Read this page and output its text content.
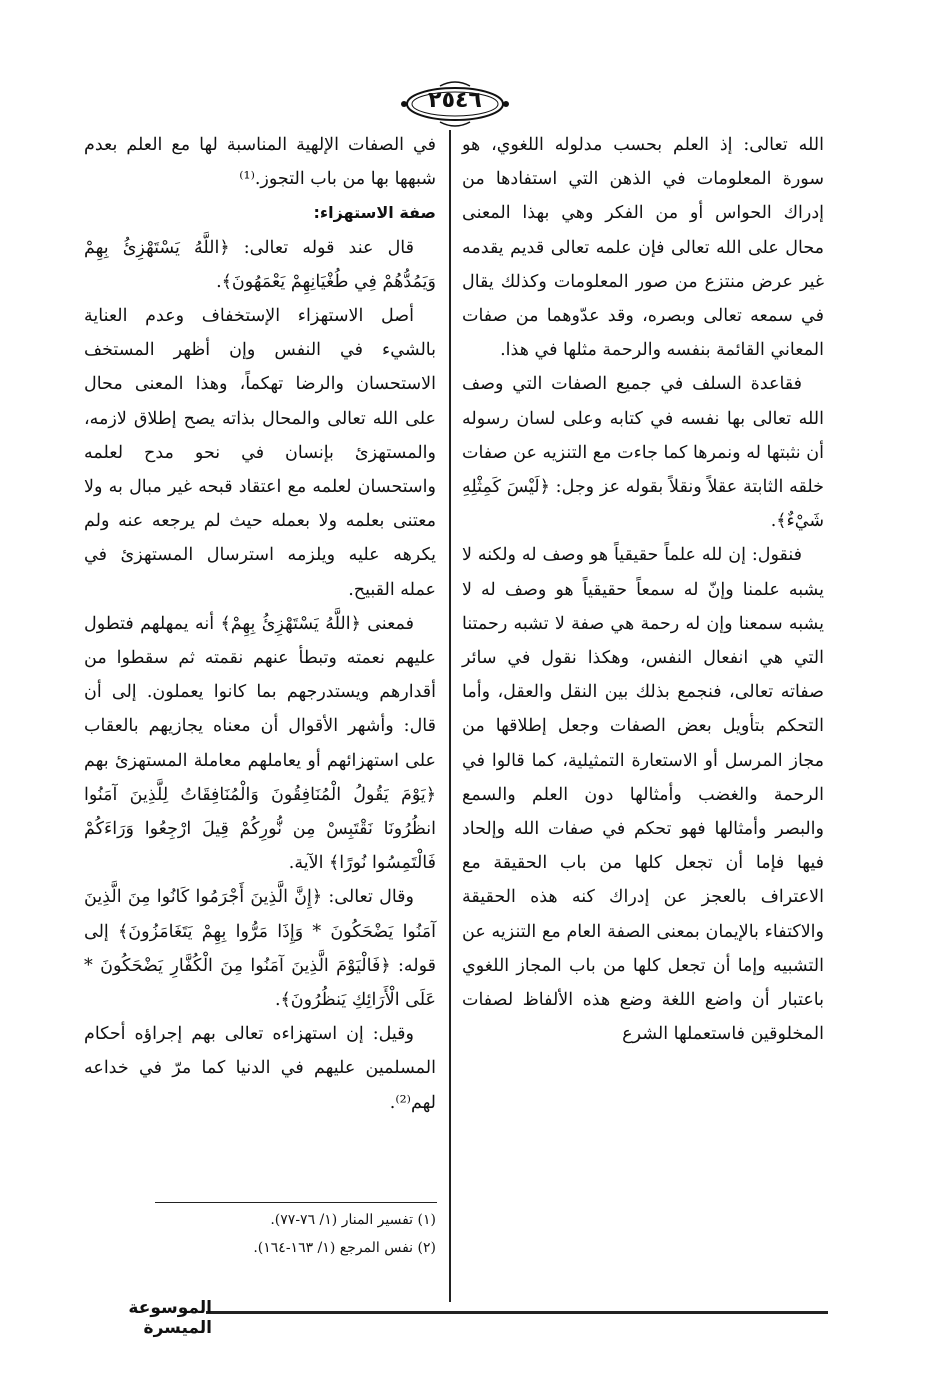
٢٥٤٦

الله تعالى: إذ العلم بحسب مدلوله اللغوي، هو سورة المعلومات في الذهن التي استفادها من إدراك الحواس أو من الفكر وهي بهذا المعنى محال على الله تعالى فإن علمه تعالى قديم يقدمه غير عرض منتزع من صور المعلومات وكذلك يقال في سمعه تعالى وبصره، وقد عدّوهما من صفات المعاني القائمة بنفسه والرحمة مثلها في هذا.

فقاعدة السلف في جميع الصفات التي وصف الله تعالى بها نفسه في كتابه وعلى لسان رسوله أن نثبتها له ونمرها كما جاءت مع التنزيه عن صفات خلقه الثابتة عقلاً ونقلاً بقوله عز وجل: ﴿لَيْسَ كَمِثْلِهِ شَيْءٌ﴾.

فنقول: إن لله علماً حقيقياً هو وصف له ولكنه لا يشبه علمنا وإنّ له سمعاً حقيقياً هو وصف له لا يشبه سمعنا وإن له رحمة هي صفة لا تشبه رحمتنا التي هي انفعال النفس، وهكذا نقول في سائر صفاته تعالى، فنجمع بذلك بين النقل والعقل، وأما التحكم بتأويل بعض الصفات وجعل إطلاقها من مجاز المرسل أو الاستعارة التمثيلية، كما قالوا في الرحمة والغضب وأمثالها دون العلم والسمع والبصر وأمثالها فهو تحكم في صفات الله وإلحاد فيها فإما أن تجعل كلها من باب الحقيقة مع الاعتراف بالعجز عن إدراك كنه هذه الحقيقة والاكتفاء بالإيمان بمعنى الصفة العام مع التنزيه عن التشبيه وإما أن تجعل كلها من باب المجاز اللغوي باعتبار أن واضع اللغة وضع هذه الألفاظ لصفات المخلوقين فاستعملها الشرع

في الصفات الإلهية المناسبة لها مع العلم بعدم شبهها بها من باب التجوز.⁽¹⁾

صفة الاستهزاء:

قال عند قوله تعالى: ﴿اللَّهُ يَسْتَهْزِئُ بِهِمْ وَيَمُدُّهُمْ فِي طُغْيَانِهِمْ يَعْمَهُونَ﴾.

أصل الاستهزاء الإستخفاف وعدم العناية بالشيء في النفس وإن أظهر المستخف الاستحسان والرضا تهكماً، وهذا المعنى محال على الله تعالى والمحال بذاته يصح إطلاق لازمه، والمستهزئ بإنسان في نحو مدح لعلمه واستحسان لعلمه مع اعتقاد قبحه غير مبال به ولا معتنى بعلمه ولا بعمله حيث لم يرجعه عنه ولم يكرهه عليه ويلزمه استرسال المستهزئ في عمله القبيح.

فمعنى ﴿اللَّهُ يَسْتَهْزِئُ بِهِمْ﴾ أنه يمهلهم فتطول عليهم نعمته وتبطأ عنهم نقمته ثم سقطوا من أقدارهم ويستدرجهم بما كانوا يعملون. إلى أن قال: وأشهر الأقوال أن معناه يجازيهم بالعقاب على استهزائهم أو يعاملهم معاملة المستهزئ بهم ﴿يَوْمَ يَقُولُ الْمُنَافِقُونَ وَالْمُنَافِقَاتُ لِلَّذِينَ آمَنُوا انظُرُونَا نَقْتَبِسْ مِن نُّورِكُمْ قِيلَ ارْجِعُوا وَرَاءَكُمْ فَالْتَمِسُوا نُورًا﴾ الآية.

وقال تعالى: ﴿إِنَّ الَّذِينَ أَجْرَمُوا كَانُوا مِنَ الَّذِينَ آمَنُوا يَضْحَكُونَ * وَإِذَا مَرُّوا بِهِمْ يَتَغَامَزُونَ﴾ إلى قوله: ﴿فَالْيَوْمَ الَّذِينَ آمَنُوا مِنَ الْكُفَّارِ يَضْحَكُونَ * عَلَى الْأَرَائِكِ يَنظُرُونَ﴾.

وقيل: إن استهزاءه تعالى بهم إجراؤه أحكام المسلمين عليهم في الدنيا كما مرّ في خداعه لهم⁽²⁾.

(١) تفسير المنار (١/ ٧٦-٧٧).

(٢) نفس المرجع (١/ ١٦٣-١٦٤).

الموسوعة الميسرة
